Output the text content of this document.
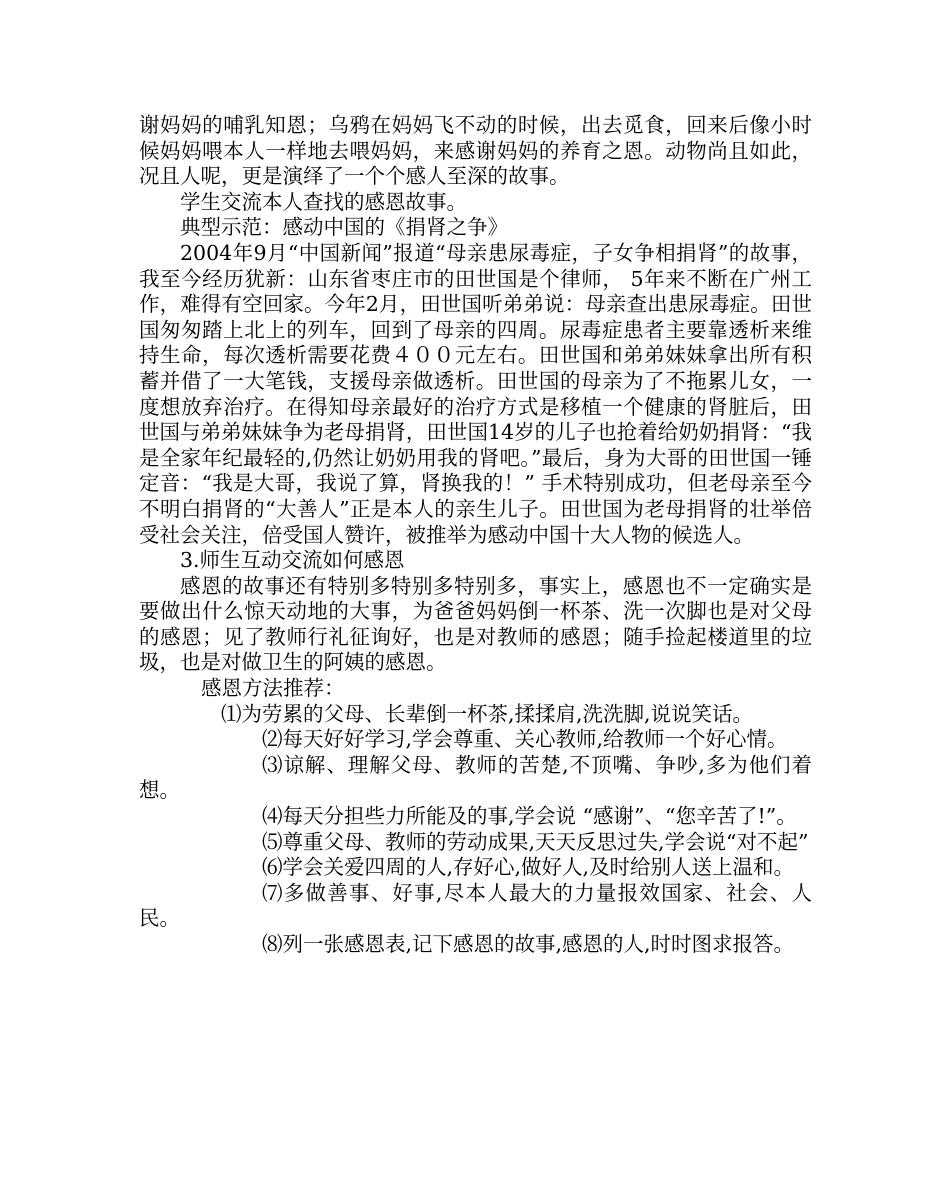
谢妈妈的哺乳知恩；乌鸦在妈妈飞不动的时候，出去觅食，回来后像小时候妈妈喂本人一样地去喂妈妈，来感谢妈妈的养育之恩。动物尚且如此，况且人呢，更是演绎了一个个感人至深的故事。

学生交流本人查找的感恩故事。

典型示范：感动中国的《捐肾之争》

2004年9月“中国新闻”报道“母亲患尿毒症，子女争相捐肾”的故事，我至今经历犹新：山东省枣庄市的田世国是个律师， 5年来不断在广州工作，难得有空回家。今年2月，田世国听弟弟说：母亲查出患尿毒症。田世国匆匆踏上北上的列车，回到了母亲的四周。尿毒症患者主要靠透析来维持生命，每次透析需要花费４００元左右。田世国和弟弟妹妹拿出所有积蓄并借了一大笔钱，支援母亲做透析。田世国的母亲为了不拖累儿女，一度想放弃治疗。在得知母亲最好的治疗方式是移植一个健康的肾脏后，田世国与弟弟妹妹争为老母捐肾，田世国14岁的儿子也抢着给奶奶捐肾：“我是全家年纪最轻的,仍然让奶奶用我的肾吧。”最后，身为大哥的田世国一锤定音：“我是大哥，我说了算，肾换我的！” 手术特别成功，但老母亲至今不明白捐肾的“大善人”正是本人的亲生儿子。田世国为老母捐肾的壮举倍受社会关注，倍受国人赞许，被推举为感动中国十大人物的候选人。

3.师生互动交流如何感恩

感恩的故事还有特别多特别多特别多，事实上，感恩也不一定确实是要做出什么惊天动地的大事，为爸爸妈妈倒一杯茶、洗一次脚也是对父母的感恩；见了教师行礼征询好，也是对教师的感恩；随手捡起楼道里的垃圾，也是对做卫生的阿姨的感恩。

感恩方法推荐：

⑴为劳累的父母、长辈倒一杯茶,揉揉肩,洗洗脚,说说笑话。

⑵每天好好学习,学会尊重、关心教师,给教师一个好心情。

⑶谅解、理解父母、教师的苦楚,不顶嘴、争吵,多为他们着想。

⑷每天分担些力所能及的事,学会说 “感谢”、“您辛苦了!”。

⑸尊重父母、教师的劳动成果,天天反思过失,学会说“对不起”

⑹学会关爱四周的人,存好心,做好人,及时给别人送上温和。

⑺多做善事、好事,尽本人最大的力量报效国家、社会、人民。

⑻列一张感恩表,记下感恩的故事,感恩的人,时时图求报答。
